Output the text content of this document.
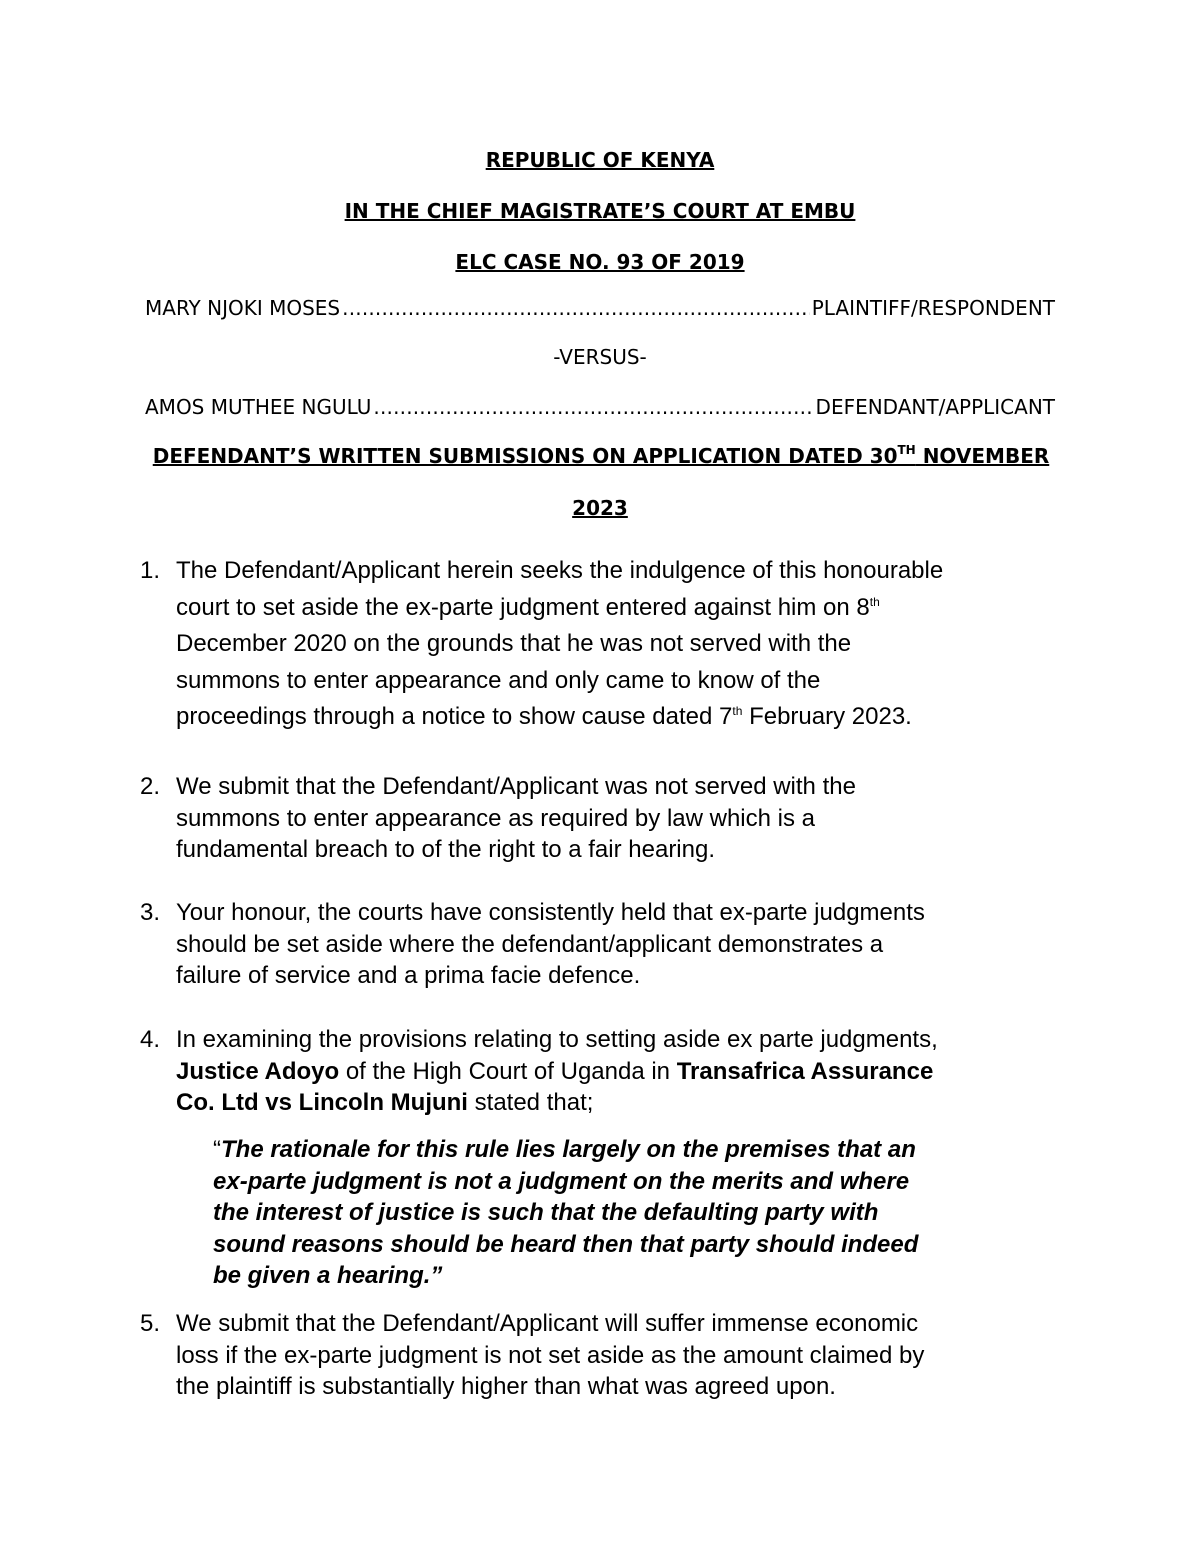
REPUBLIC OF KENYA
IN THE CHIEF MAGISTRATE’S COURT AT EMBU
ELC CASE NO. 93 OF 2019
MARY NJOKI MOSES .....	PLAINTIFF/RESPONDENT
-VERSUS-
AMOS MUTHEE NGULU .....	DEFENDANT/APPLICANT
DEFENDANT’S WRITTEN SUBMISSIONS ON APPLICATION DATED 30TH NOVEMBER
2023
1. The Defendant/Applicant herein seeks the indulgence of this honourable
court to set aside the ex-parte judgment entered against him on 8th
December 2020 on the grounds that he was not served with the
summons to enter appearance and only came to know of the
proceedings through a notice to show cause dated 7th February 2023.
2. We submit that the Defendant/Applicant was not served with the
summons to enter appearance as required by law which is a
fundamental breach to of the right to a fair hearing.
3. Your honour, the courts have consistently held that ex-parte judgments
should be set aside where the defendant/applicant demonstrates a
failure of service and a prima facie defence.
4. In examining the provisions relating to setting aside ex parte judgments,
Justice Adoyo of the High Court of Uganda in Transafrica Assurance
Co. Ltd vs Lincoln Mujuni stated that;
“The rationale for this rule lies largely on the premises that an
ex-parte judgment is not a judgment on the merits and where
the interest of justice is such that the defaulting party with
sound reasons should be heard then that party should indeed
be given a hearing.”
5. We submit that the Defendant/Applicant will suffer immense economic
loss if the ex-parte judgment is not set aside as the amount claimed by
the plaintiff is substantially higher than what was agreed upon.
